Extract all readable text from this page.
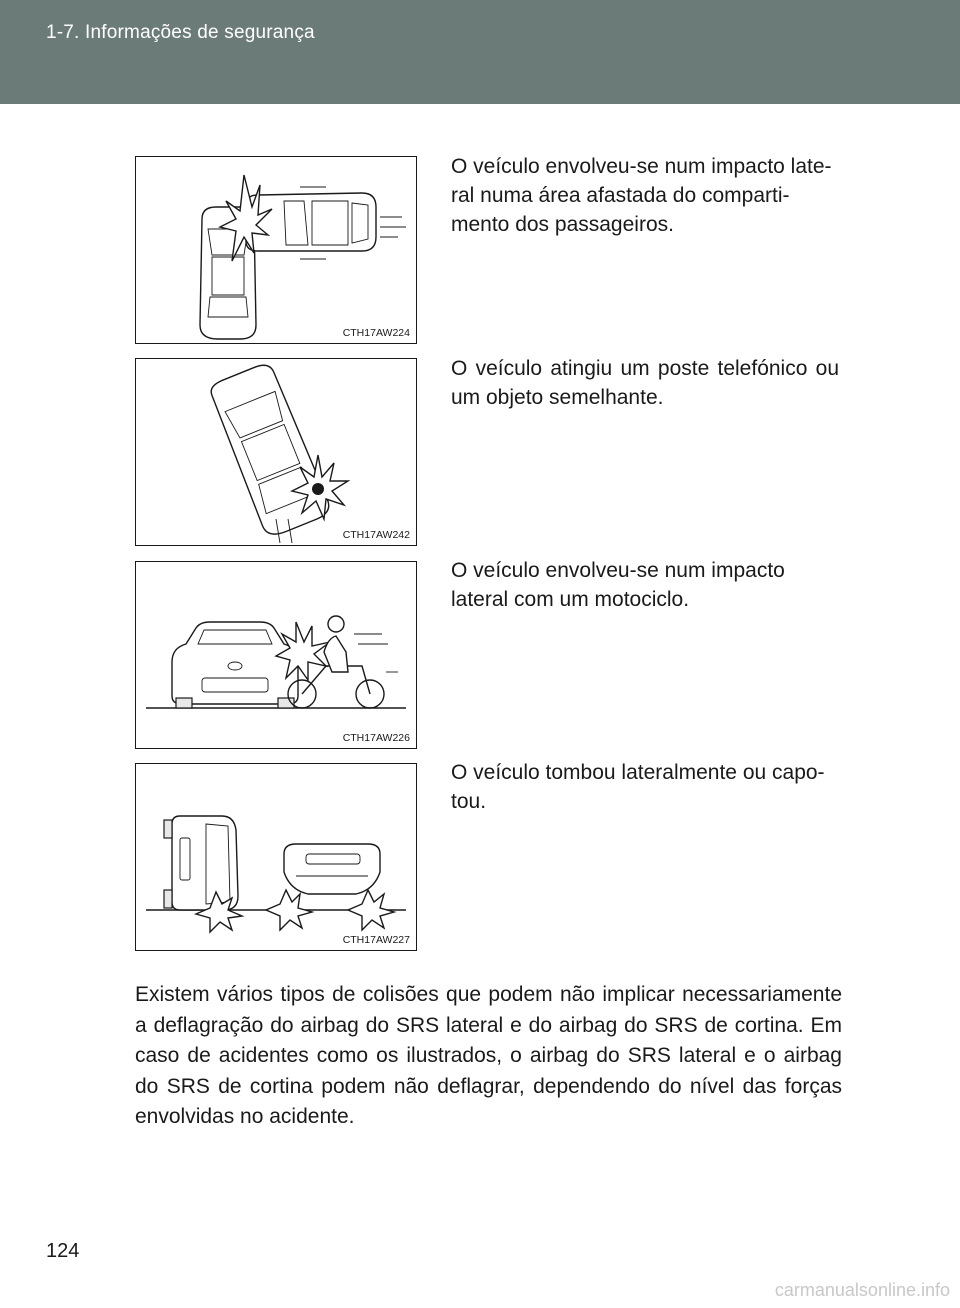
1-7. Informações de segurança
CTH17AW224
O veículo envolveu-se num impacto late-
ral numa área afastada do comparti-
mento dos passageiros.
CTH17AW242
O veículo atingiu um poste telefónico ou um objeto semelhante.
CTH17AW226
O veículo envolveu-se num impacto
lateral com um motociclo.
CTH17AW227
O veículo tombou lateralmente ou capo-
tou.
Existem vários tipos de colisões que podem não implicar necessariamente a deflagração do airbag do SRS lateral e do airbag do SRS de cortina. Em caso de acidentes como os ilustrados, o airbag do SRS lateral e o airbag do SRS de cortina podem não deflagrar, dependendo do nível das forças envolvidas no acidente.
124
carmanualsonline.info
